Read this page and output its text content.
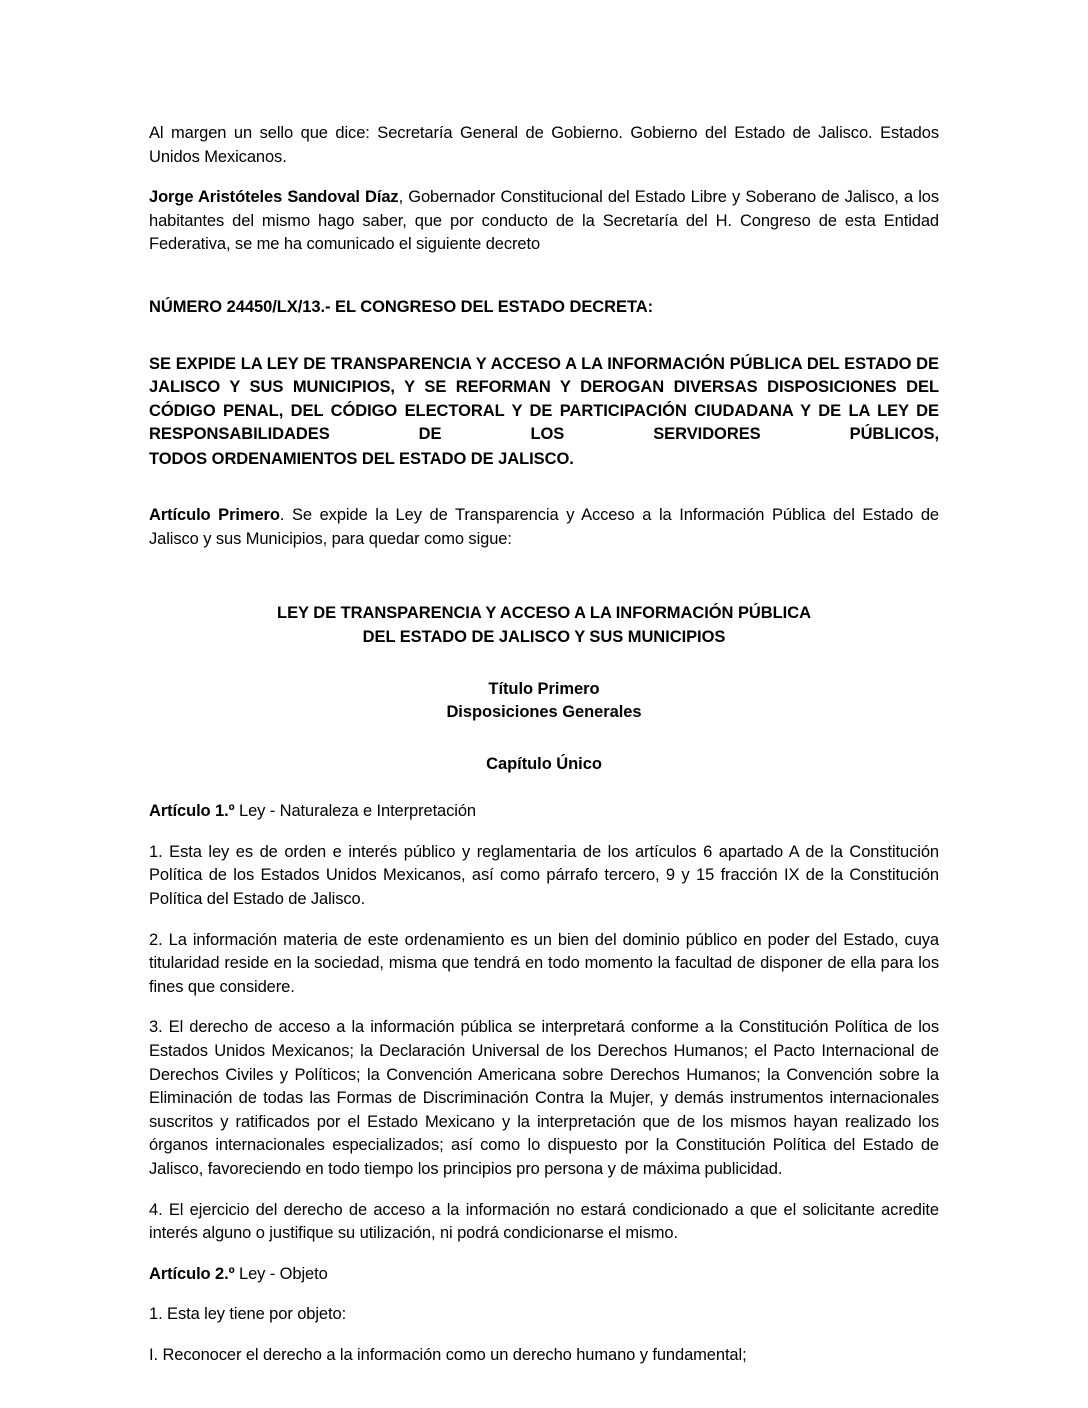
Al margen un sello que dice: Secretaría General de Gobierno. Gobierno del Estado de Jalisco. Estados Unidos Mexicanos.

Jorge Aristóteles Sandoval Díaz, Gobernador Constitucional del Estado Libre y Soberano de Jalisco, a los habitantes del mismo hago saber, que por conducto de la Secretaría del H. Congreso de esta Entidad Federativa, se me ha comunicado el siguiente decreto

NÚMERO 24450/LX/13.- EL CONGRESO DEL ESTADO DECRETA:

SE EXPIDE LA LEY DE TRANSPARENCIA Y ACCESO A LA INFORMACIÓN PÚBLICA DEL ESTADO DE JALISCO Y SUS MUNICIPIOS, Y SE REFORMAN Y DEROGAN DIVERSAS DISPOSICIONES DEL CÓDIGO PENAL, DEL CÓDIGO ELECTORAL Y DE PARTICIPACIÓN CIUDADANA Y DE LA LEY DE RESPONSABILIDADES DE LOS SERVIDORES PÚBLICOS,

TODOS ORDENAMIENTOS DEL ESTADO DE JALISCO.

Artículo Primero. Se expide la Ley de Transparencia y Acceso a la Información Pública del Estado de Jalisco y sus Municipios, para quedar como sigue:

LEY DE TRANSPARENCIA Y ACCESO A LA INFORMACIÓN PÚBLICA

DEL ESTADO DE JALISCO Y SUS MUNICIPIOS

Título Primero

Disposiciones Generales

Capítulo Único

Artículo 1.º Ley - Naturaleza e Interpretación

1. Esta ley es de orden e interés público y reglamentaria de los artículos 6 apartado A de la Constitución Política de los Estados Unidos Mexicanos, así como párrafo tercero, 9 y 15 fracción IX de la Constitución Política del Estado de Jalisco.

2. La información materia de este ordenamiento es un bien del dominio público en poder del Estado, cuya titularidad reside en la sociedad, misma que tendrá en todo momento la facultad de disponer de ella para los fines que considere.

3. El derecho de acceso a la información pública se interpretará conforme a la Constitución Política de los Estados Unidos Mexicanos; la Declaración Universal de los Derechos Humanos; el Pacto Internacional de Derechos Civiles y Políticos; la Convención Americana sobre Derechos Humanos; la Convención sobre la Eliminación de todas las Formas de Discriminación Contra la Mujer, y demás instrumentos internacionales suscritos y ratificados por el Estado Mexicano y la interpretación que de los mismos hayan realizado los órganos internacionales especializados; así como lo dispuesto por la Constitución Política del Estado de Jalisco, favoreciendo en todo tiempo los principios pro persona y de máxima publicidad.

4. El ejercicio del derecho de acceso a la información no estará condicionado a que el solicitante acredite interés alguno o justifique su utilización, ni podrá condicionarse el mismo.

Artículo 2.º Ley - Objeto

1. Esta ley tiene por objeto:

I. Reconocer el derecho a la información como un derecho humano y fundamental;
